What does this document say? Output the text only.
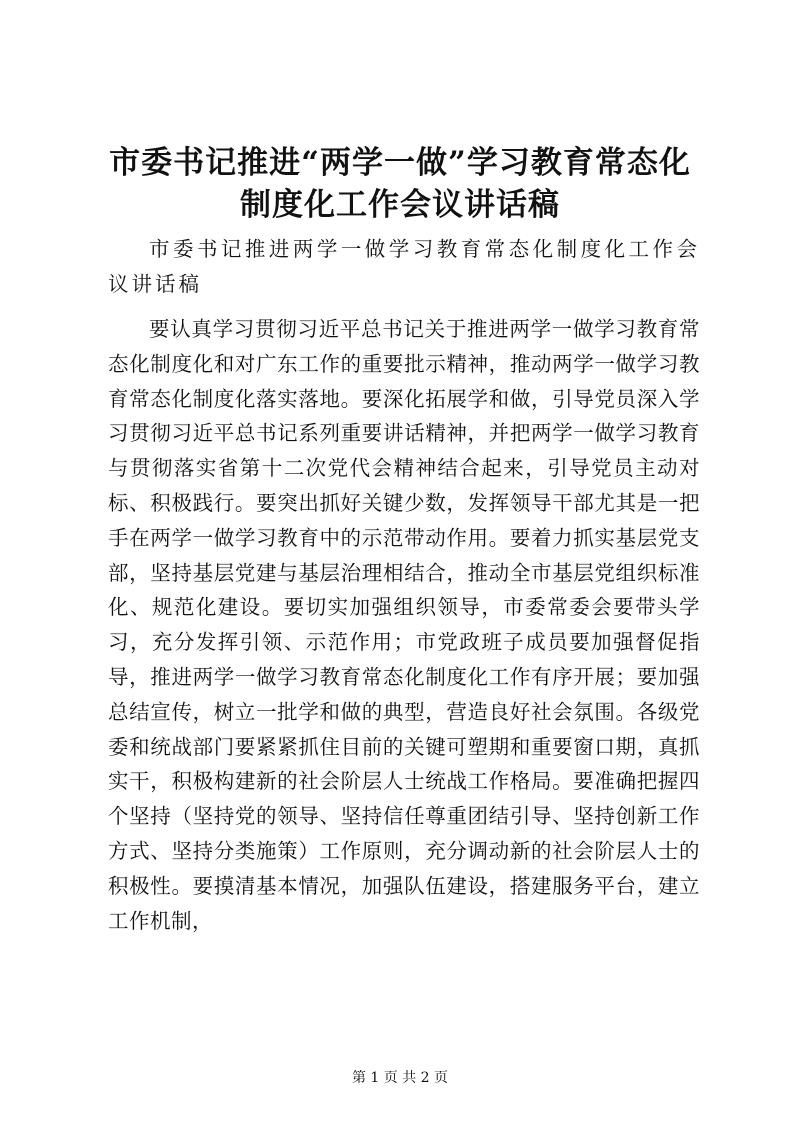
市委书记推进“两学一做”学习教育常态化制度化工作会议讲话稿

市委书记推进两学一做学习教育常态化制度化工作会议讲话稿

要认真学习贯彻习近平总书记关于推进两学一做学习教育常态化制度化和对广东工作的重要批示精神，推动两学一做学习教育常态化制度化落实落地。要深化拓展学和做，引导党员深入学习贯彻习近平总书记系列重要讲话精神，并把两学一做学习教育与贯彻落实省第十二次党代会精神结合起来，引导党员主动对标、积极践行。要突出抓好关键少数，发挥领导干部尤其是一把手在两学一做学习教育中的示范带动作用。要着力抓实基层党支部，坚持基层党建与基层治理相结合，推动全市基层党组织标准化、规范化建设。要切实加强组织领导，市委常委会要带头学习，充分发挥引领、示范作用；市党政班子成员要加强督促指导，推进两学一做学习教育常态化制度化工作有序开展；要加强总结宣传，树立一批学和做的典型，营造良好社会氛围。各级党委和统战部门要紧紧抓住目前的关键可塑期和重要窗口期，真抓实干，积极构建新的社会阶层人士统战工作格局。要准确把握四个坚持（坚持党的领导、坚持信任尊重团结引导、坚持创新工作方式、坚持分类施策）工作原则，充分调动新的社会阶层人士的积极性。要摸清基本情况，加强队伍建设，搭建服务平台，建立工作机制，

第 1 页 共 2 页
